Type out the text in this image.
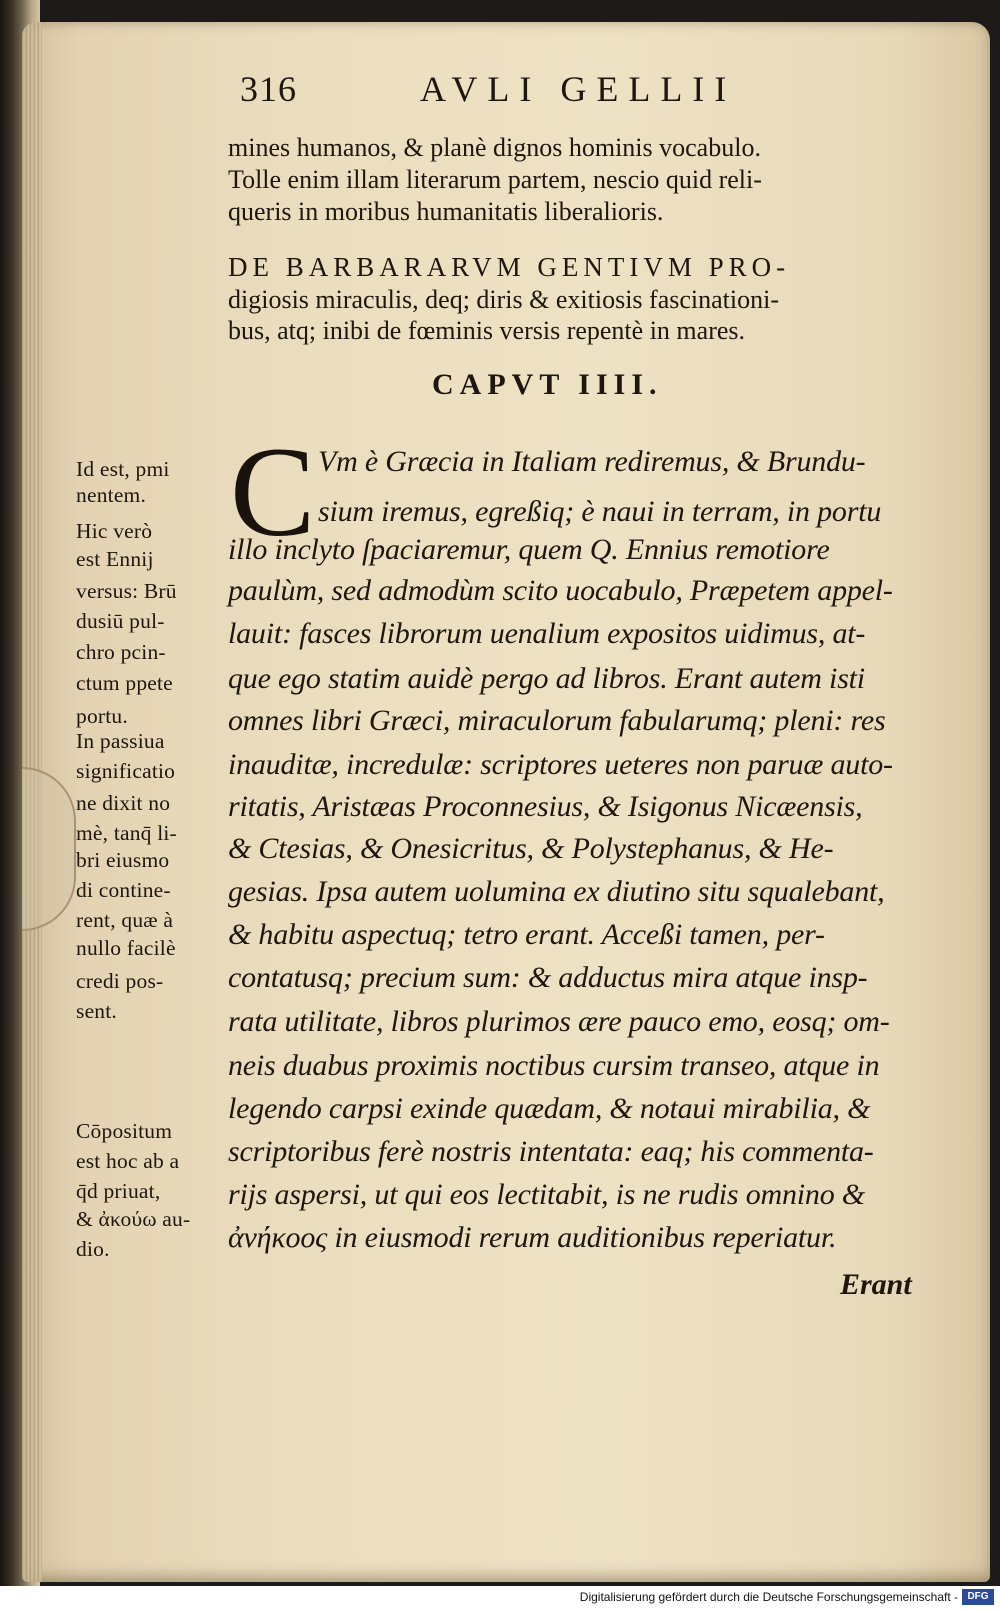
316	AVLI GELLII
mines humanos, & planè dignos hominis vocabulo.
Tolle enim illam literarum partem, nescio quid reli-
queris in moribus humanitatis liberalioris.
DE BARBARARVM GENTIVM PRO-
digiosis miraculis, deq; diris & exitiosis fascinationi-
bus, atq; inibi de fœminis versis repentè in mares.
CAPVT IIII.
C Vm è Græcia in Italiam rediremus, & Brundu-
sium iremus, egreßiq; è naui in terram, in portu
illo inclyto ſpaciaremur, quem Q. Ennius remotiore
paulùm, sed admodùm scito uocabulo, Præpetem appel-
lauit: fasces librorum uenalium expositos uidimus, at-
que ego statim auidè pergo ad libros. Erant autem isti
omnes libri Græci, miraculorum fabularumq; pleni: res
inauditæ, incredulæ: scriptores ueteres non paruæ auto-
ritatis, Aristæas Proconnesius, & Isigonus Nicæensis,
& Ctesias, & Onesicritus, & Polystephanus, & He-
gesias. Ipsa autem uolumina ex diutino situ squalebant,
& habitu aspectuq; tetro erant. Acceßi tamen, per-
contatusq; precium sum: & adductus mira atque insp-
rata utilitate, libros plurimos ære pauco emo, eosq; om-
neis duabus proximis noctibus cursim transeo, atque in
legendo carpsi exinde quædam, & notaui mirabilia, &
scriptoribus ferè nostris intentata: eaq; his commenta-
rijs aspersi, ut qui eos lectitabit, is ne rudis omnino &
ἀνήκοος in eiusmodi rerum auditionibus reperiatur.
Erant
Id est, pmi
nentem.
Hic verò
est Ennij
versus: Brū
dusiū pul-
chro pcin-
ctum ppete
portu.
In passiua
significatio
ne dixit no
mè, tanq̄ li-
bri eiusmo
di contine-
rent, quæ à
nullo facilè
credi pos-
sent.
Cōpositum
est hoc ab a
q̄d priuat,
& ἀκούω au-
dio.
Digitalisierung gefördert durch die Deutsche Forschungsgemeinschaft - DFG
